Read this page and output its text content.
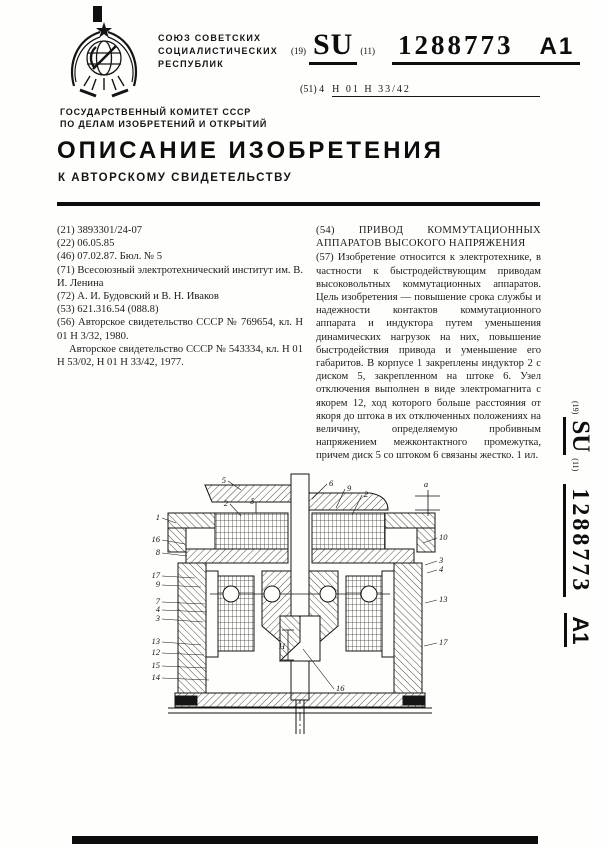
СОЮЗ СОВЕТСКИХ
СОЦИАЛИСТИЧЕСКИХ
РЕСПУБЛИК
(19) SU (11) 1288773 А1
(51) 4 Н 01 Н 33/42
ГОСУДАРСТВЕННЫЙ КОМИТЕТ СССР
ПО ДЕЛАМ ИЗОБРЕТЕНИЙ И ОТКРЫТИЙ
ОПИСАНИЕ ИЗОБРЕТЕНИЯ
К АВТОРСКОМУ СВИДЕТЕЛЬСТВУ

(21) 3893301/24-07

(22) 06.05.85

(46) 07.02.87. Бюл. № 5

(71) Всесоюзный электротехнический институт им. В. И. Ленина

(72) А. И. Будовский и В. Н. Иваков

(53) 621.316.54 (088.8)

(56) Авторское свидетельство СССР № 769654, кл. Н 01 Н 3/32, 1980.

Авторское свидетельство СССР № 543334, кл. Н 01 Н 53/02, Н 01 Н 33/42, 1977.

(54) ПРИВОД КОММУТАЦИОННЫХ АППАРАТОВ ВЫСОКОГО НАПРЯЖЕНИЯ

(57) Изобретение относится к электротехнике, в частности к быстродействующим приводам высоковольтных коммутационных аппаратов. Цель изобретения — повышение срока службы и надежности контактов коммутационного аппарата и индуктора путем уменьшения динамических нагрузок на них, повышение быстродействия привода и уменьшение его габаритов. В корпусе 1 закреплены индуктор 2 с диском 5, закрепленном на штоке 6. Узел отключения выполнен в виде электромагнита с якорем 12, ход которого больше расстояния от якоря до штока в их отключенных положениях на величину, определяемую пробивным напряжением межконтактного промежутка, причем диск 5 со штоком 6 связаны жестко. 1 ил.

(19)
SU
(11)
1288773
А1
5
2
6 9
2
1
16
8
17
9
7
4
3
13
12
15
14
10
3
4
13
17
16
а
δ
Н
